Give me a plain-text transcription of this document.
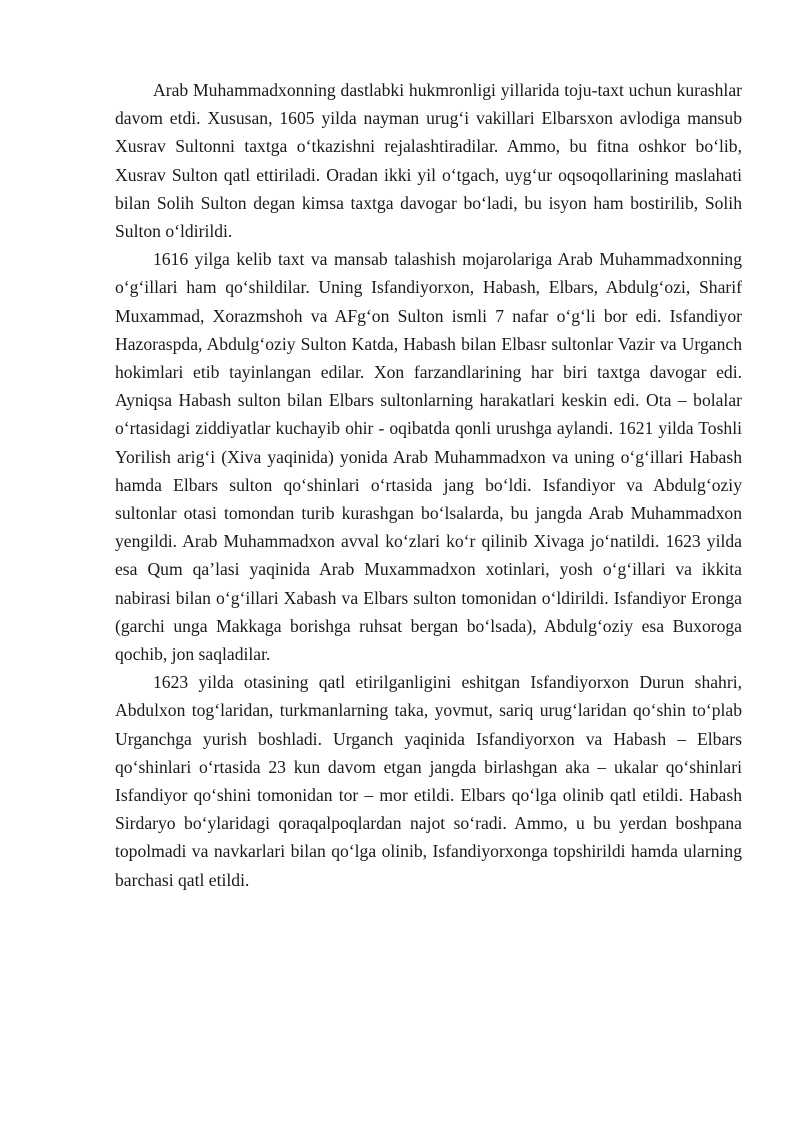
Arab Muhammadxonning dastlabki hukmronligi yillarida toju-taxt uchun kurashlar davom etdi. Xususan, 1605 yilda nayman urug‘i vakillari Elbarsxon avlodiga mansub Xusrav Sultonni taxtga o‘tkazishni rejalashtiradilar. Ammo, bu fitna oshkor bo‘lib, Xusrav Sulton qatl ettiriladi. Oradan ikki yil o‘tgach, uyg‘ur oqsoqollarining maslahati bilan Solih Sulton degan kimsa taxtga davogar bo‘ladi, bu isyon ham bostirilib, Solih Sulton o‘ldirildi.

1616 yilga kelib taxt va mansab talashish mojarolariga Arab Muhammadxonning o‘g‘illari ham qo‘shildilar. Uning Isfandiyorxon, Habash, Elbars, Abdulg‘ozi, Sharif Muxammad, Xorazmshoh va AFg‘on Sulton ismli 7 nafar o‘g‘li bor edi. Isfandiyor Hazoraspda, Abdulg‘oziy Sulton Katda, Habash bilan Elbasr sultonlar Vazir va Urganch hokimlari etib tayinlangan edilar. Xon farzandlarining har biri taxtga davogar edi. Ayniqsa Habash sulton bilan Elbars sultonlarning harakatlari keskin edi. Ota – bolalar o‘rtasidagi ziddiyatlar kuchayib ohir - oqibatda qonli urushga aylandi. 1621 yilda Toshli Yorilish arig‘i (Xiva yaqinida) yonida Arab Muhammadxon va uning o‘g‘illari Habash hamda Elbars sulton qo‘shinlari o‘rtasida jang bo‘ldi. Isfandiyor va Abdulg‘oziy sultonlar otasi tomondan turib kurashgan bo‘lsalarda, bu jangda Arab Muhammadxon yengildi. Arab Muhammadxon avval ko‘zlari ko‘r qilinib Xivaga jo‘natildi. 1623 yilda esa Qum qa’lasi yaqinida Arab Muxammadxon xotinlari, yosh o‘g‘illari va ikkita nabirasi bilan o‘g‘illari Xabash va Elbars sulton tomonidan o‘ldirildi. Isfandiyor Eronga (garchi unga Makkaga borishga ruhsat bergan bo‘lsada), Abdulg‘oziy esa Buxoroga qochib, jon saqladilar.

1623 yilda otasining qatl etirilganligini eshitgan Isfandiyorxon Durun shahri, Abdulxon tog‘laridan, turkmanlarning taka, yovmut, sariq urug‘laridan qo‘shin to‘plab Urganchga yurish boshladi. Urganch yaqinida Isfandiyorxon va Habash – Elbars qo‘shinlari o‘rtasida 23 kun davom etgan jangda birlashgan aka – ukalar qo‘shinlari Isfandiyor qo‘shini tomonidan tor – mor etildi. Elbars qo‘lga olinib qatl etildi. Habash Sirdaryo bo‘ylaridagi qoraqalpoqlardan najot so‘radi. Ammo, u bu yerdan boshpana topolmadi va navkarlari bilan qo‘lga olinib, Isfandiyorxonga topshirildi hamda ularning barchasi qatl etildi.
